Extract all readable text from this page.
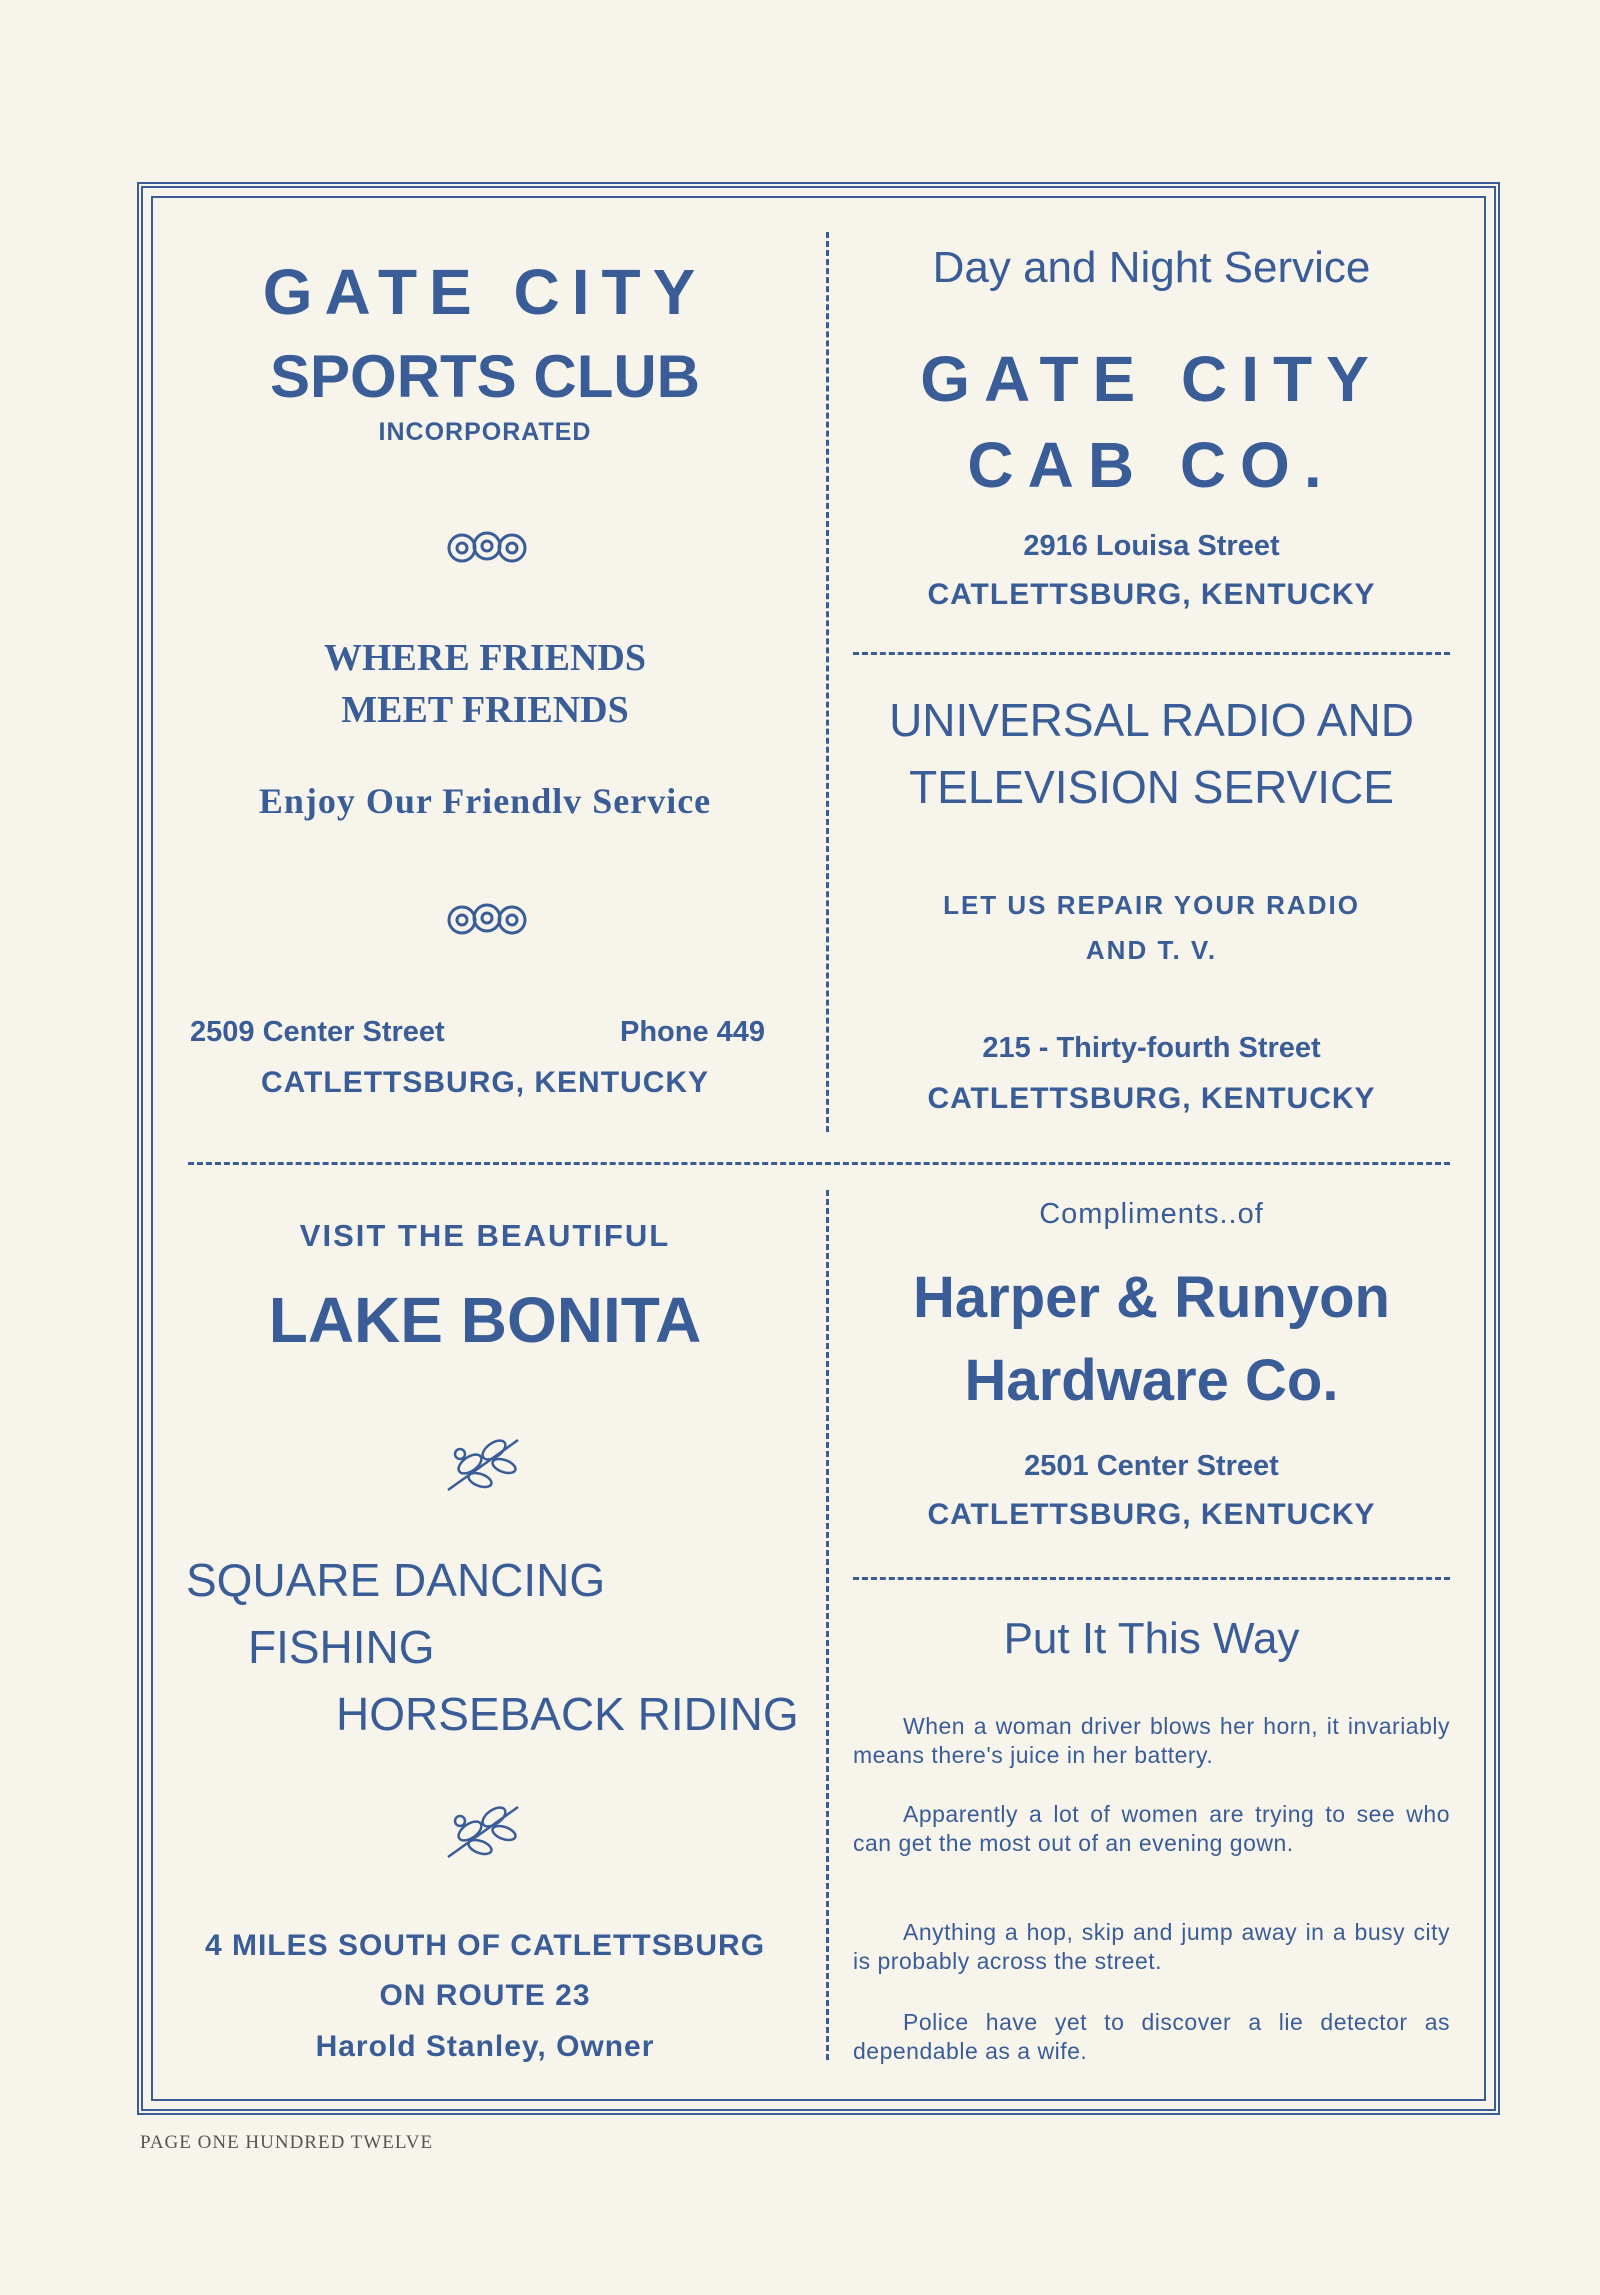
GATE CITY
SPORTS CLUB
INCORPORATED
WHERE FRIENDS
MEET FRIENDS
Enjoy Our Friendlv Service
2509 Center Street	Phone 449
CATLETTSBURG, KENTUCKY
Day and Night Service
GATE CITY
CAB CO.
2916 Louisa Street
CATLETTSBURG, KENTUCKY
UNIVERSAL RADIO AND
TELEVISION SERVICE
LET US REPAIR YOUR RADIO
AND T. V.
215 - Thirty-fourth Street
CATLETTSBURG, KENTUCKY
VISIT THE BEAUTIFUL
LAKE BONITA
SQUARE DANCING
FISHING
HORSEBACK RIDING
4 MILES SOUTH OF CATLETTSBURG
ON ROUTE 23
Harold Stanley, Owner
Compliments..of
Harper & Runyon
Hardware Co.
2501 Center Street
CATLETTSBURG, KENTUCKY
Put It This Way
When a woman driver blows her horn, it invariably means there's juice in her battery.
Apparently a lot of women are trying to see who can get the most out of an evening gown.
Anything a hop, skip and jump away in a busy city is probably across the street.
Police have yet to discover a lie detector as dependable as a wife.
PAGE ONE HUNDRED TWELVE
